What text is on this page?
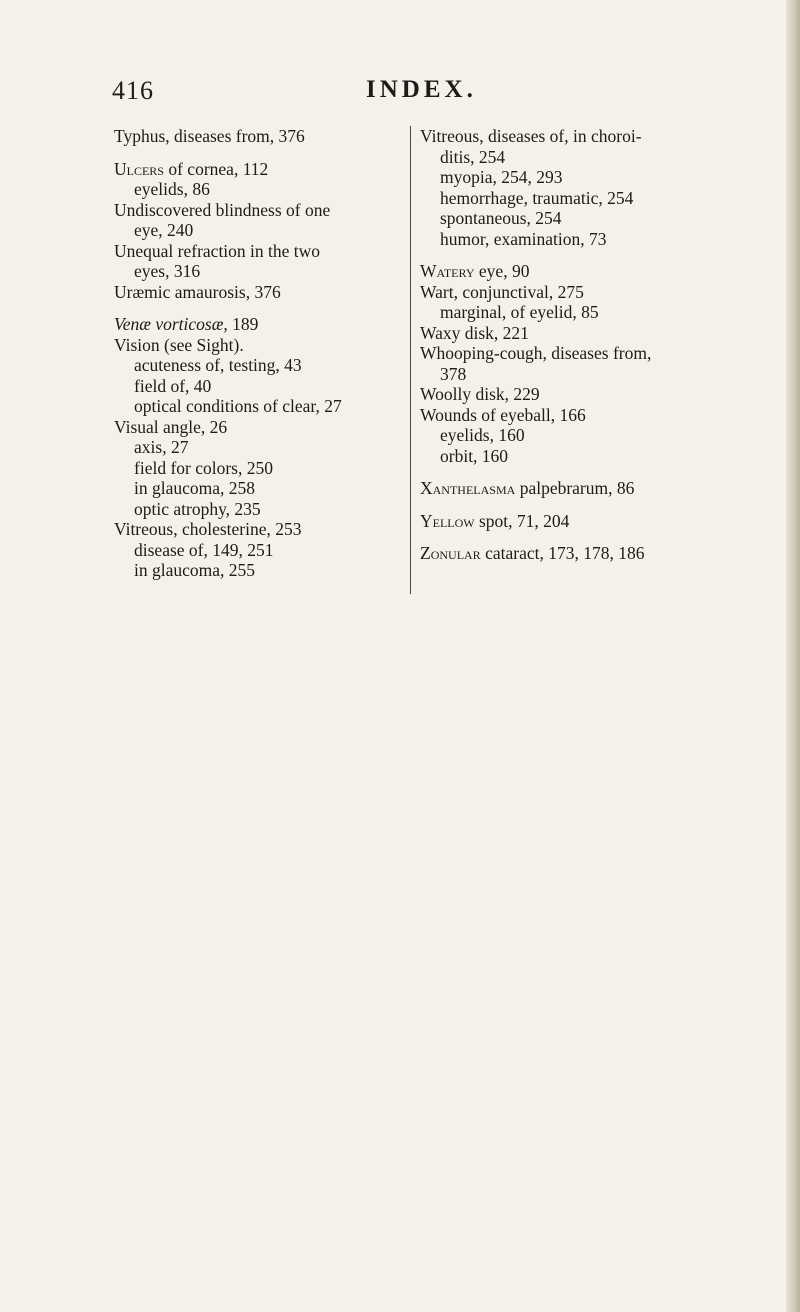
416	INDEX.
Typhus, diseases from, 376
Ulcers of cornea, 112
eyelids, 86
Undiscovered blindness of one
eye, 240
Unequal refraction in the two
eyes, 316
Uræmic amaurosis, 376
Venæ vorticosæ, 189
Vision (see Sight).
acuteness of, testing, 43
field of, 40
optical conditions of clear, 27
Visual angle, 26
axis, 27
field for colors, 250
in glaucoma, 258
optic atrophy, 235
Vitreous, cholesterine, 253
disease of, 149, 251
in glaucoma, 255
Vitreous, diseases of, in choroi-
ditis, 254
myopia, 254, 293
hemorrhage, traumatic, 254
spontaneous, 254
humor, examination, 73
Watery eye, 90
Wart, conjunctival, 275
marginal, of eyelid, 85
Waxy disk, 221
Whooping-cough, diseases from,
378
Woolly disk, 229
Wounds of eyeball, 166
eyelids, 160
orbit, 160
Xanthelasma palpebrarum, 86
Yellow spot, 71, 204
Zonular cataract, 173, 178, 186
